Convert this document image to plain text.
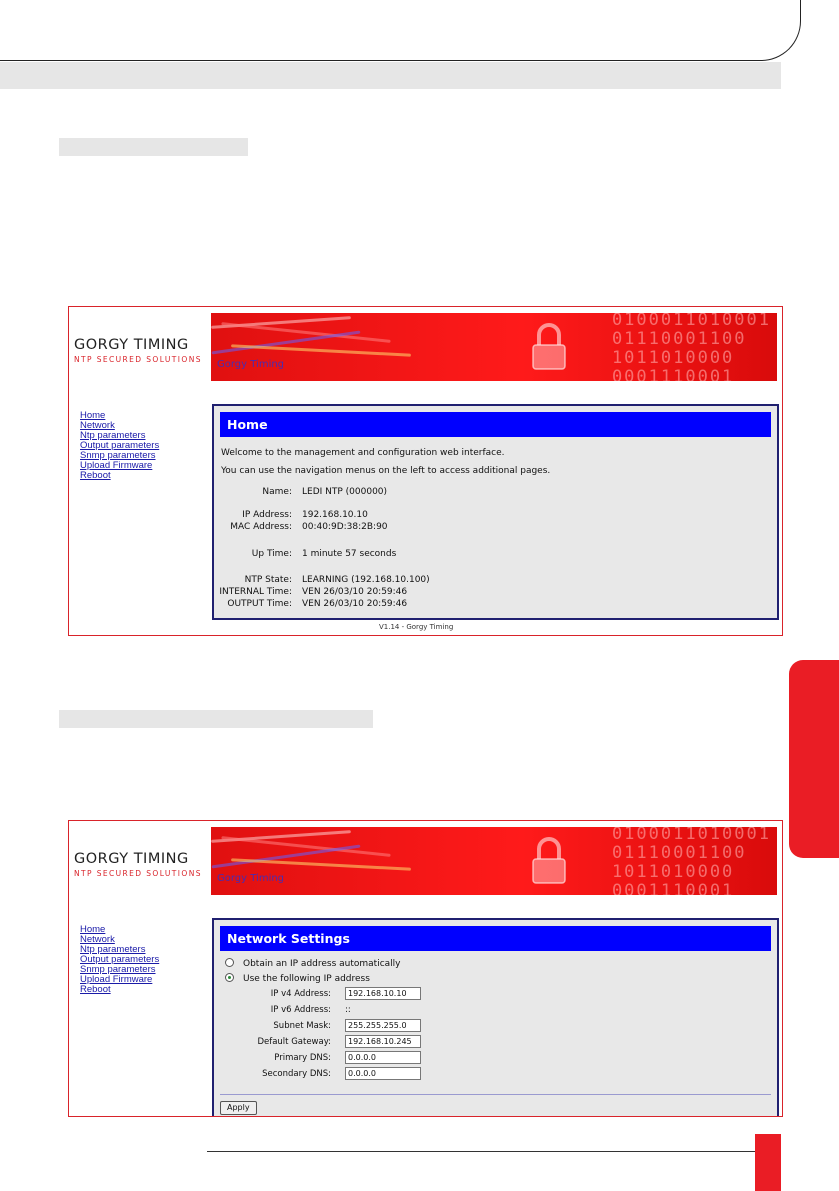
GORGY TIMING
NTP SECURED SOLUTIONS
0100011010001
01110001100
1011010000
0001110001
Gorgy Timing
Home
Network
Ntp parameters
Output parameters
Snmp parameters
Upload Firmware
Reboot
Home
Welcome to the management and configuration web interface.
You can use the navigation menus on the left to access additional pages.
Name: LEDI NTP (000000)
IP Address: 192.168.10.10
MAC Address: 00:40:9D:38:2B:90
Up Time: 1 minute 57 seconds
NTP State: LEARNING (192.168.10.100)
INTERNAL Time: VEN 26/03/10 20:59:46
OUTPUT Time: VEN 26/03/10 20:59:46
V1.14 - Gorgy Timing
GORGY TIMING
NTP SECURED SOLUTIONS
0100011010001
01110001100
1011010000
0001110001
Gorgy Timing
Home
Network
Ntp parameters
Output parameters
Snmp parameters
Upload Firmware
Reboot
Network Settings
Obtain an IP address automatically
Use the following IP address
IP v4 Address:	192.168.10.10
IP v6 Address: ::
Subnet Mask:	255.255.255.0
Default Gateway:	192.168.10.245
Primary DNS:	0.0.0.0
Secondary DNS:	0.0.0.0
Apply
